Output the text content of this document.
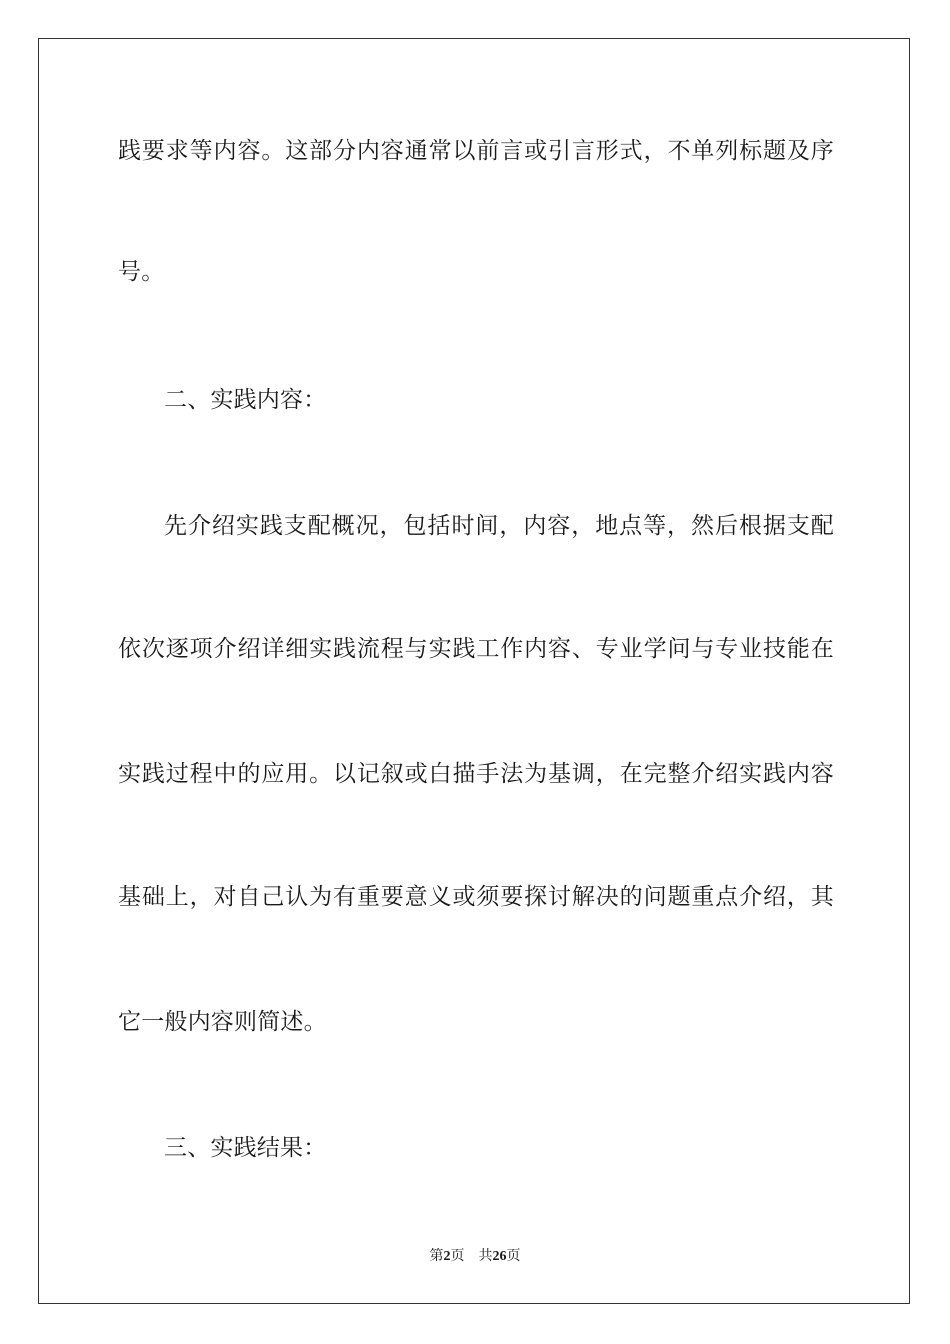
践要求等内容。这部分内容通常以前言或引言形式，不单列标题及序
号。
二、实践内容：
先介绍实践支配概况，包括时间，内容，地点等，然后根据支配
依次逐项介绍详细实践流程与实践工作内容、专业学问与专业技能在
实践过程中的应用。以记叙或白描手法为基调，在完整介绍实践内容
基础上，对自己认为有重要意义或须要探讨解决的问题重点介绍，其
它一般内容则简述。
三、实践结果：
第2页 共26页
